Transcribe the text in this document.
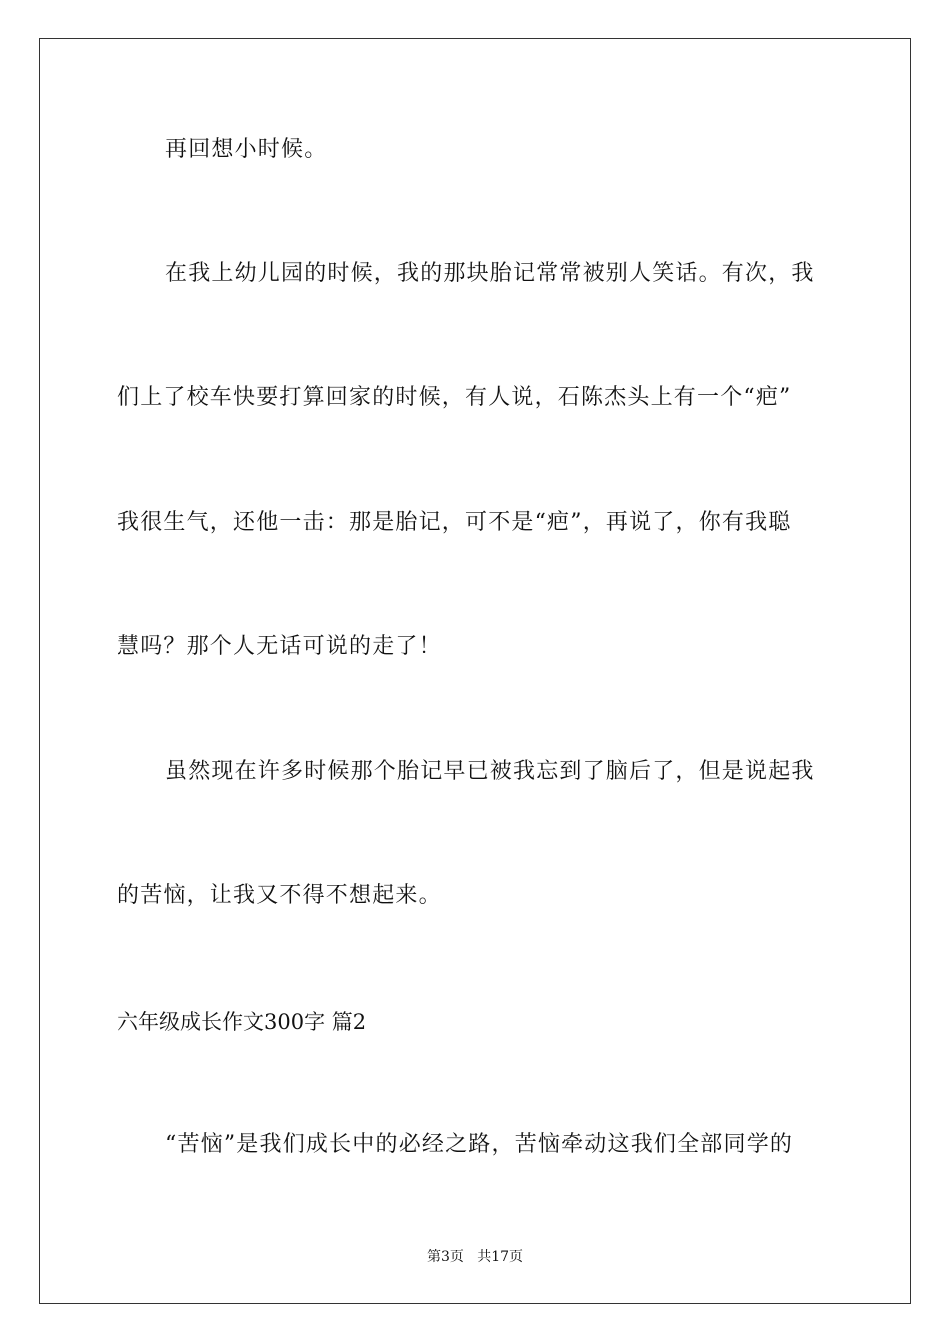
再回想小时候。
在我上幼儿园的时候，我的那块胎记常常被别人笑话。有次，我
们上了校车快要打算回家的时候，有人说，石陈杰头上有一个“疤”
我很生气，还他一击：那是胎记，可不是“疤”，再说了，你有我聪
慧吗？那个人无话可说的走了！
虽然现在许多时候那个胎记早已被我忘到了脑后了，但是说起我
的苦恼，让我又不得不想起来。
六年级成长作文300字 篇2
“苦恼”是我们成长中的必经之路，苦恼牵动这我们全部同学的
第3页   共17页
